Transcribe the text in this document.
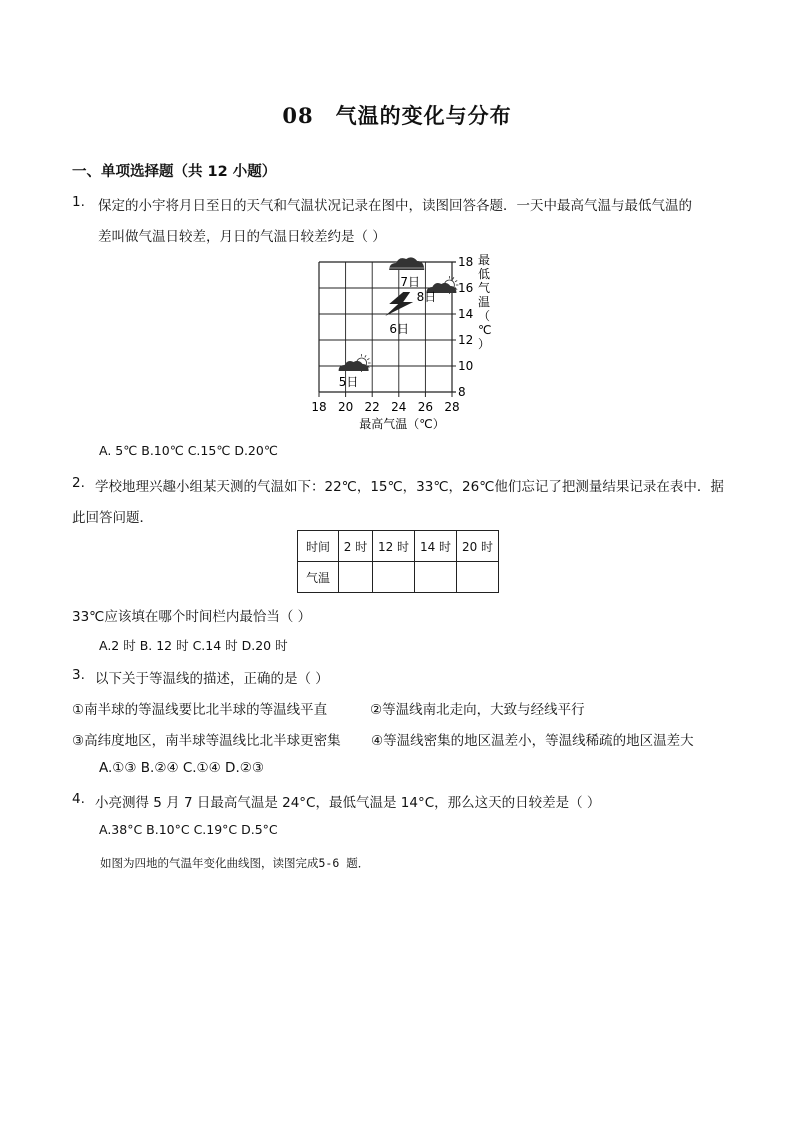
08　气温的变化与分布
一、单项选择题（共 12 小题）
1. 保定的小宇将月日至日的天气和气温状况记录在图中，读图回答各题．一天中最高气温与最低气温的
差叫做气温日较差，月日的气温日较差约是（ ）
18 20 22 24 26 28
8
10
12
14
16
18
5日
6日
7日
8日
最高气温（℃）
最低气温（℃）
A. 5℃ B.10℃ C.15℃ D.20℃
2. 学校地理兴趣小组某天测的气温如下：22℃，15℃，33℃，26℃他们忘记了把测量结果记录在表中．据
此回答问题．
时间	2 时	12 时	14 时	20 时
气温				
33℃应该填在哪个时间栏内最恰当（ ）
A.2 时 B. 12 时 C.14 时 D.20 时
3. 以下关于等温线的描述，正确的是（ ）
①南半球的等温线要比北半球的等温线平直	②等温线南北走向，大致与经线平行
③高纬度地区，南半球等温线比北半球更密集 ④等温线密集的地区温差小，等温线稀疏的地区温差大
A.①③ B.②④ C.①④ D.②③
4. 小亮测得 5 月 7 日最高气温是 24°C，最低气温是 14°C，那么这天的日较差是（ ）
A.38°C B.10°C C.19°C D.5°C
如图为四地的气温年变化曲线图，读图完成5-6 题．
